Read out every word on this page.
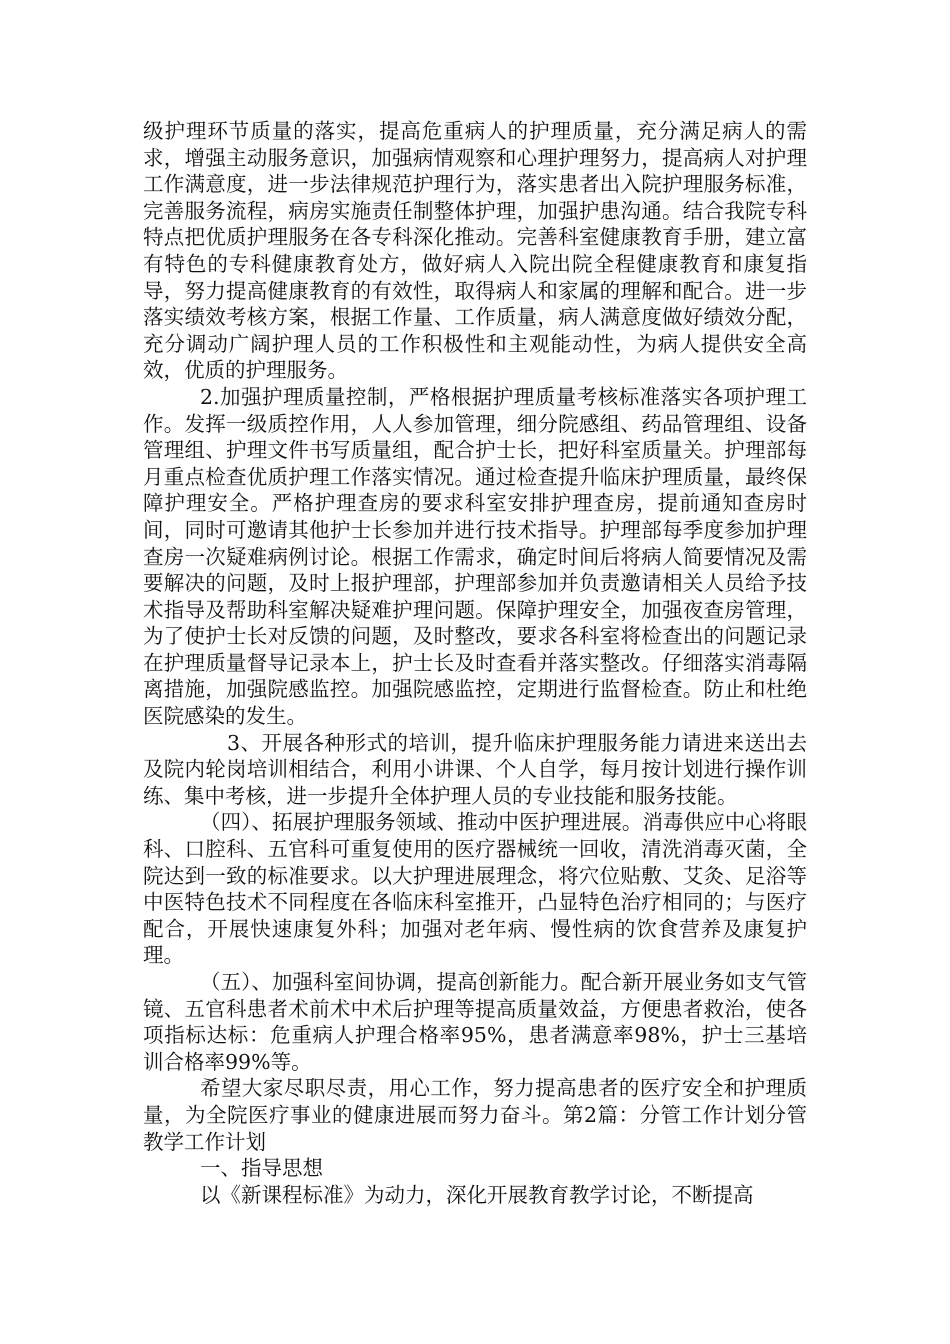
级护理环节质量的落实，提高危重病人的护理质量，充分满足病人的需求，增强主动服务意识，加强病情观察和心理护理努力，提高病人对护理工作满意度，进一步法律规范护理行为，落实患者出入院护理服务标准，完善服务流程，病房实施责任制整体护理，加强护患沟通。结合我院专科特点把优质护理服务在各专科深化推动。完善科室健康教育手册，建立富有特色的专科健康教育处方，做好病人入院出院全程健康教育和康复指导，努力提高健康教育的有效性，取得病人和家属的理解和配合。进一步落实绩效考核方案，根据工作量、工作质量，病人满意度做好绩效分配，充分调动广阔护理人员的工作积极性和主观能动性，为病人提供安全高效，优质的护理服务。

2.加强护理质量控制，严格根据护理质量考核标准落实各项护理工作。发挥一级质控作用，人人参加管理，细分院感组、药品管理组、设备管理组、护理文件书写质量组，配合护士长，把好科室质量关。护理部每月重点检查优质护理工作落实情况。通过检查提升临床护理质量，最终保障护理安全。严格护理查房的要求科室安排护理查房，提前通知查房时间，同时可邀请其他护士长参加并进行技术指导。护理部每季度参加护理查房一次疑难病例讨论。根据工作需求，确定时间后将病人简要情况及需要解决的问题，及时上报护理部，护理部参加并负责邀请相关人员给予技术指导及帮助科室解决疑难护理问题。保障护理安全，加强夜查房管理，为了使护士长对反馈的问题，及时整改，要求各科室将检查出的问题记录在护理质量督导记录本上，护士长及时查看并落实整改。仔细落实消毒隔离措施，加强院感监控。加强院感监控，定期进行监督检查。防止和杜绝医院感染的发生。

3、开展各种形式的培训，提升临床护理服务能力请进来送出去及院内轮岗培训相结合，利用小讲课、个人自学，每月按计划进行操作训练、集中考核，进一步提升全体护理人员的专业技能和服务技能。

（四）、拓展护理服务领域、推动中医护理进展。消毒供应中心将眼科、口腔科、五官科可重复使用的医疗器械统一回收，清洗消毒灭菌，全院达到一致的标准要求。以大护理进展理念，将穴位贴敷、艾灸、足浴等中医特色技术不同程度在各临床科室推开，凸显特色治疗相同的；与医疗配合，开展快速康复外科；加强对老年病、慢性病的饮食营养及康复护理。

（五）、加强科室间协调，提高创新能力。配合新开展业务如支气管镜、五官科患者术前术中术后护理等提高质量效益，方便患者救治，使各项指标达标：危重病人护理合格率95%，患者满意率98%，护士三基培训合格率99%等。

希望大家尽职尽责，用心工作，努力提高患者的医疗安全和护理质量，为全院医疗事业的健康进展而努力奋斗。第2篇：分管工作计划分管教学工作计划

一、指导思想

以《新课程标准》为动力，深化开展教育教学讨论，不断提高
